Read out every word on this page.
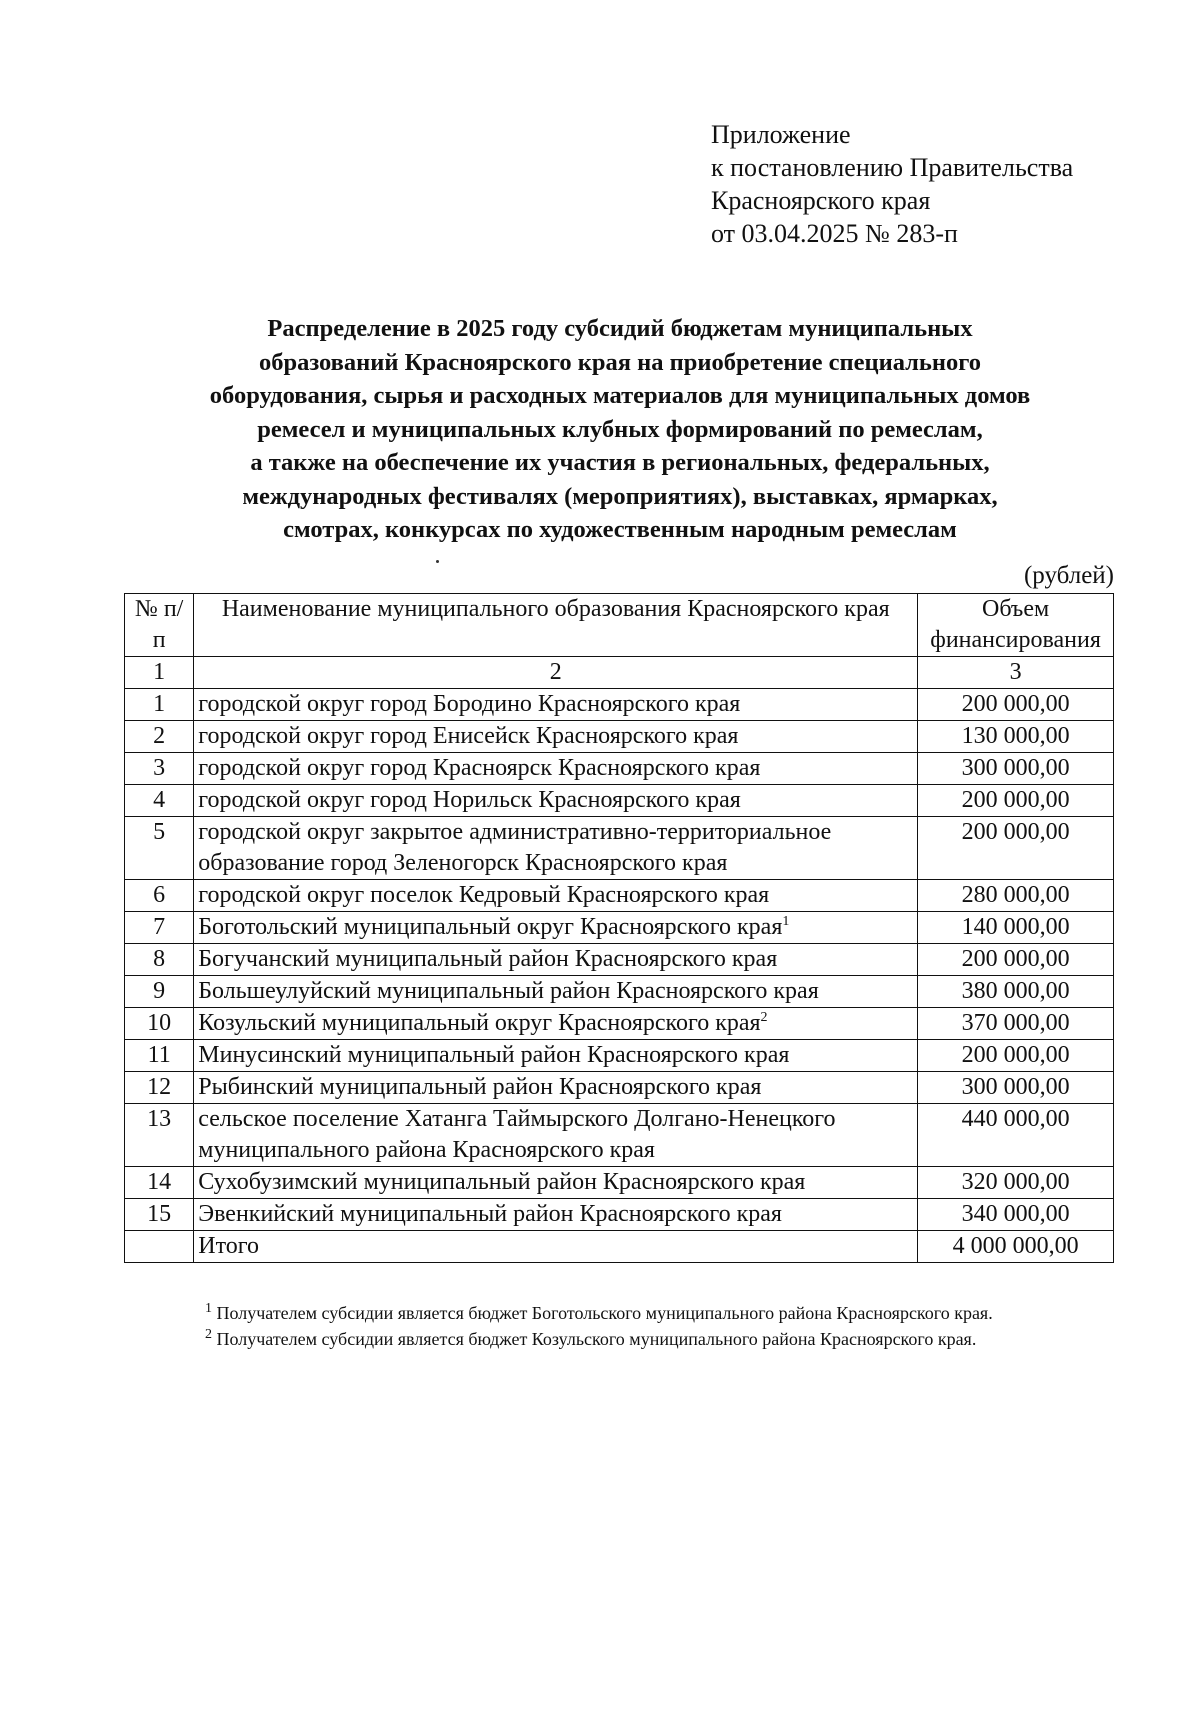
Приложение
к постановлению Правительства
Красноярского края
от 03.04.2025 № 283-п
Распределение в 2025 году субсидий бюджетам муниципальных
образований Красноярского края на приобретение специального
оборудования, сырья и расходных материалов для муниципальных домов
ремесел и муниципальных клубных формирований по ремеслам,
а также на обеспечение их участия в региональных, федеральных,
международных фестивалях (мероприятиях), выставках, ярмарках,
смотрах, конкурсах по художественным народным ремеслам
(рублей)
№ п/п	Наименование муниципального образования Красноярского края	Объем финансирования
1	2	3
1	городской округ город Бородино Красноярского края	200 000,00
2	городской округ город Енисейск Красноярского края	130 000,00
3	городской округ город Красноярск Красноярского края	300 000,00
4	городской округ город Норильск Красноярского края	200 000,00
5	городской округ закрытое административно-территориальное образование город Зеленогорск Красноярского края	200 000,00
6	городской округ поселок Кедровый Красноярского края	280 000,00
7	Боготольский муниципальный округ Красноярского края$^1$	140 000,00
8	Богучанский муниципальный район Красноярского края	200 000,00
9	Большеулуйский муниципальный район Красноярского края	380 000,00
10	Козульский муниципальный округ Красноярского края$^2$	370 000,00
11	Минусинский муниципальный район Красноярского края	200 000,00
12	Рыбинский муниципальный район Красноярского края	300 000,00
13	сельское поселение Хатанга Таймырского Долгано-Ненецкого муниципального района Красноярского края	440 000,00
14	Сухобузимский муниципальный район Красноярского края	320 000,00
15	Эвенкийский муниципальный район Красноярского края	340 000,00
	Итого	4 000 000,00
$^1$ Получателем субсидии является бюджет Боготольского муниципального района Красноярского края.
$^2$ Получателем субсидии является бюджет Козульского муниципального района Красноярского края.
